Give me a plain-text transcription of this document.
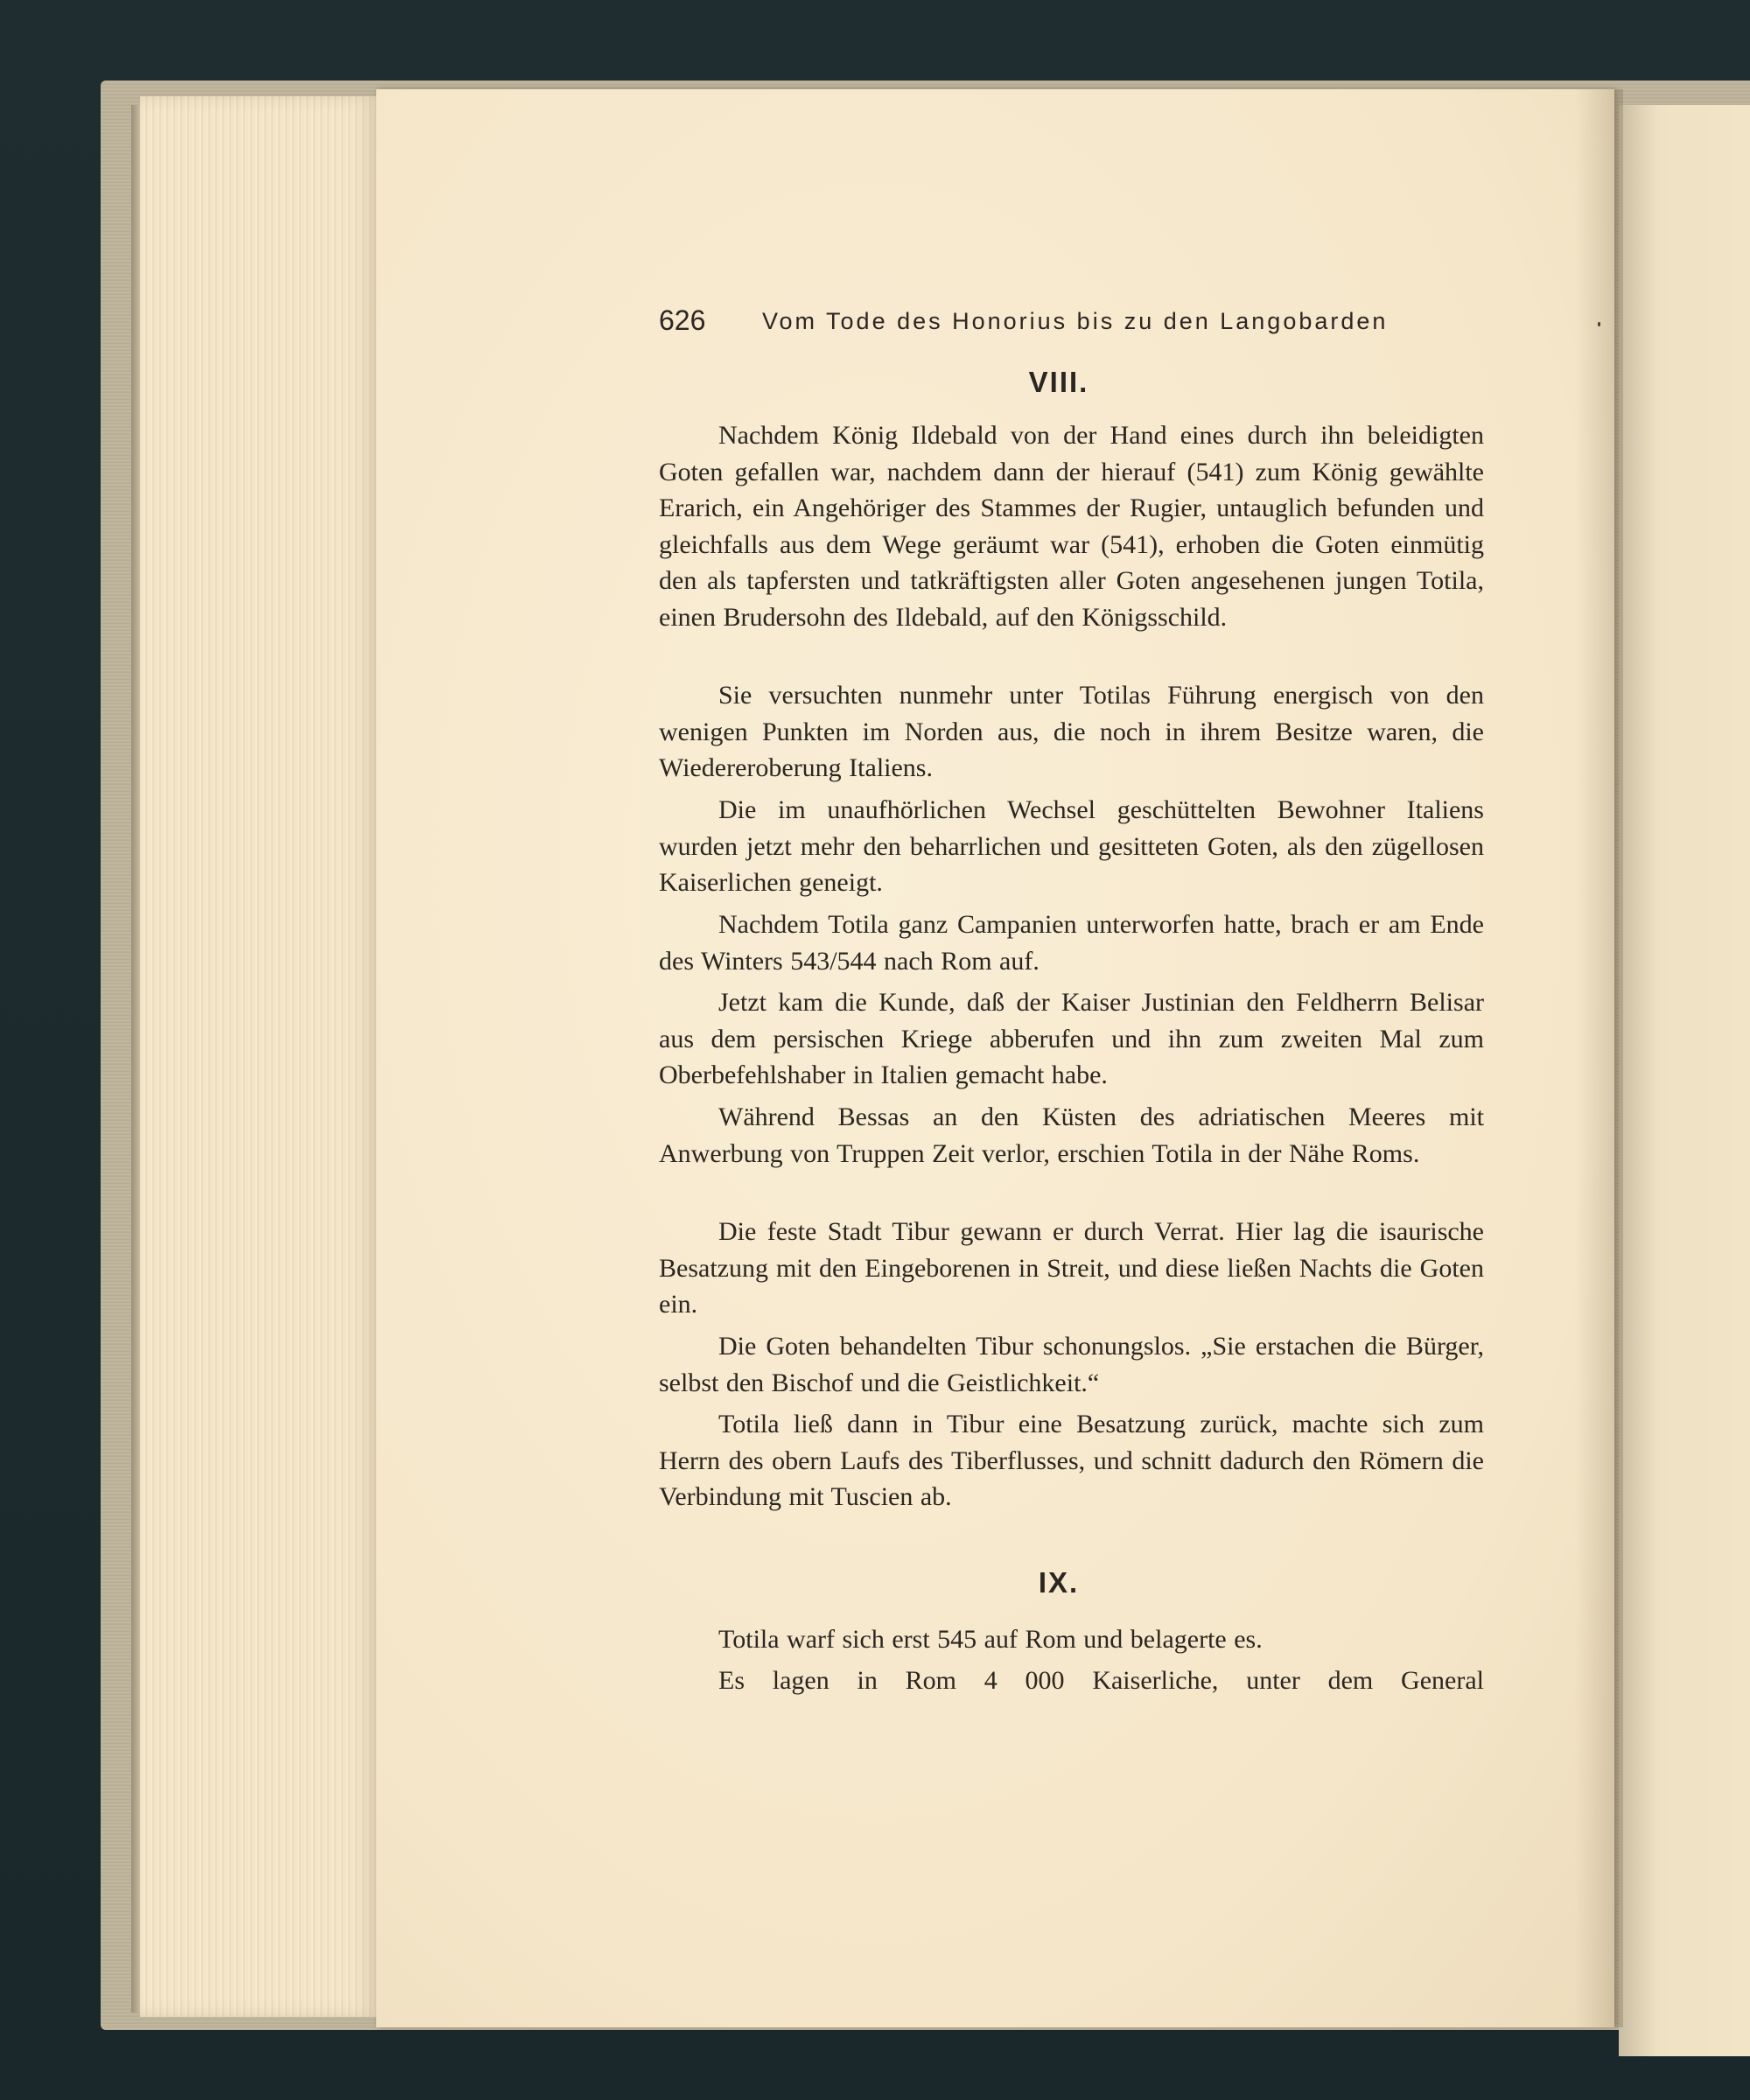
626 Vom Tode des Honorius bis zu den Langobarden
VIII.

Nachdem König Ildebald von der Hand eines durch ihn beleidigten Goten gefallen war, nachdem dann der hierauf (541) zum König gewählte Erarich, ein Angehöriger des Stammes der Rugier, untauglich befunden und gleichfalls aus dem Wege geräumt war (541), erhoben die Goten einmütig den als tapfersten und tatkräftigsten aller Goten angesehenen jungen Totila, einen Brudersohn des Ildebald, auf den Königsschild.

Sie versuchten nunmehr unter Totilas Führung energisch von den wenigen Punkten im Norden aus, die noch in ihrem Besitze waren, die Wiedereroberung Italiens.

Die im unaufhörlichen Wechsel geschüttelten Bewohner Italiens wurden jetzt mehr den beharrlichen und gesitteten Goten, als den zügellosen Kaiserlichen geneigt.

Nachdem Totila ganz Campanien unterworfen hatte, brach er am Ende des Winters 543/544 nach Rom auf.

Jetzt kam die Kunde, daß der Kaiser Justinian den Feldherrn Belisar aus dem persischen Kriege abberufen und ihn zum zweiten Mal zum Oberbefehlshaber in Italien gemacht habe.

Während Bessas an den Küsten des adriatischen Meeres mit Anwerbung von Truppen Zeit verlor, erschien Totila in der Nähe Roms.

Die feste Stadt Tibur gewann er durch Verrat. Hier lag die isaurische Besatzung mit den Eingeborenen in Streit, und diese ließen Nachts die Goten ein.

Die Goten behandelten Tibur schonungslos. „Sie erstachen die Bürger, selbst den Bischof und die Geistlichkeit.“

Totila ließ dann in Tibur eine Besatzung zurück, machte sich zum Herrn des obern Laufs des Tiberflusses, und schnitt dadurch den Römern die Verbindung mit Tuscien ab.

IX.

Totila warf sich erst 545 auf Rom und belagerte es.

Es lagen in Rom 4 000 Kaiserliche, unter dem General
